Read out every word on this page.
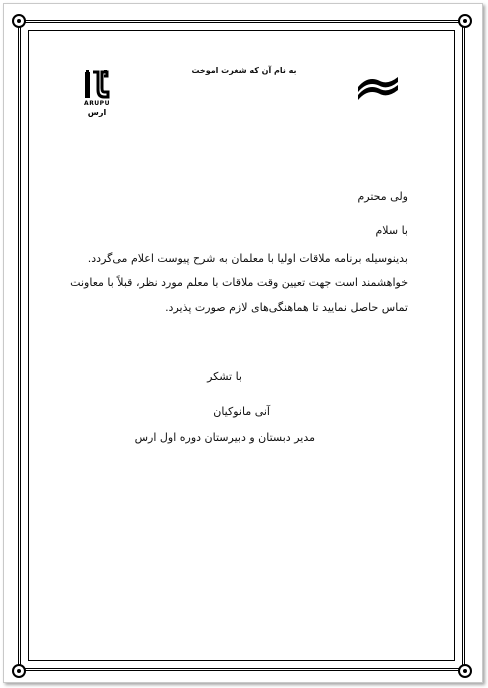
به نام آن که شغرت اموخت
ARUPU
ارس
ولی محترم
با سلام
بدینوسیله برنامه ملاقات اولیا با معلمان به شرح پیوست اعلام می‌گردد.
خواهشمند است جهت تعیین وقت ملاقات با معلم مورد نظر، قبلاً با معاونت
تماس حاصل نمایید تا هماهنگی‌های لازم صورت پذیرد.
با تشکر
آنی مانوکیان
مدیر دبستان و دبیرستان دوره اول ارس
